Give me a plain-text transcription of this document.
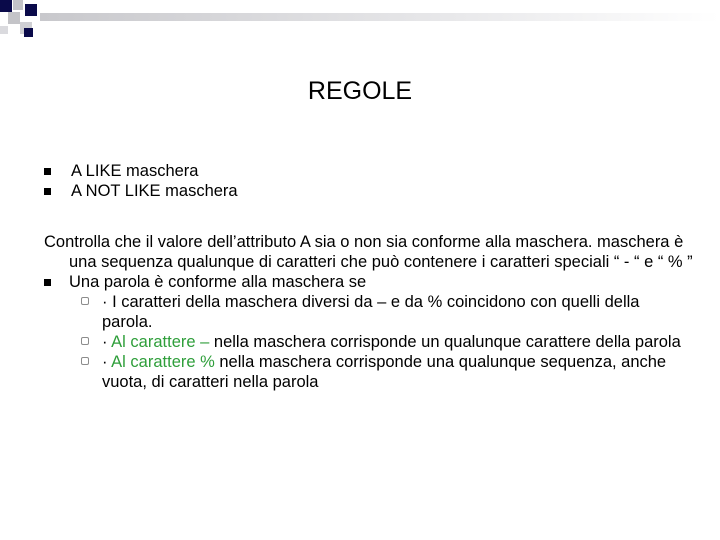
REGOLE
A LIKE maschera
A NOT LIKE maschera

Controlla che il valore dell’attributo A sia o non sia conforme alla maschera. maschera è una sequenza qualunque di caratteri che può contenere i caratteri speciali “ - “ e “ % ”

Una parola è conforme alla maschera se
· I caratteri della maschera diversi da – e da % coincidono con quelli della parola.
· Al carattere – nella maschera corrisponde un qualunque carattere della parola
· Al carattere % nella maschera corrisponde una qualunque sequenza, anche vuota, di caratteri nella parola
